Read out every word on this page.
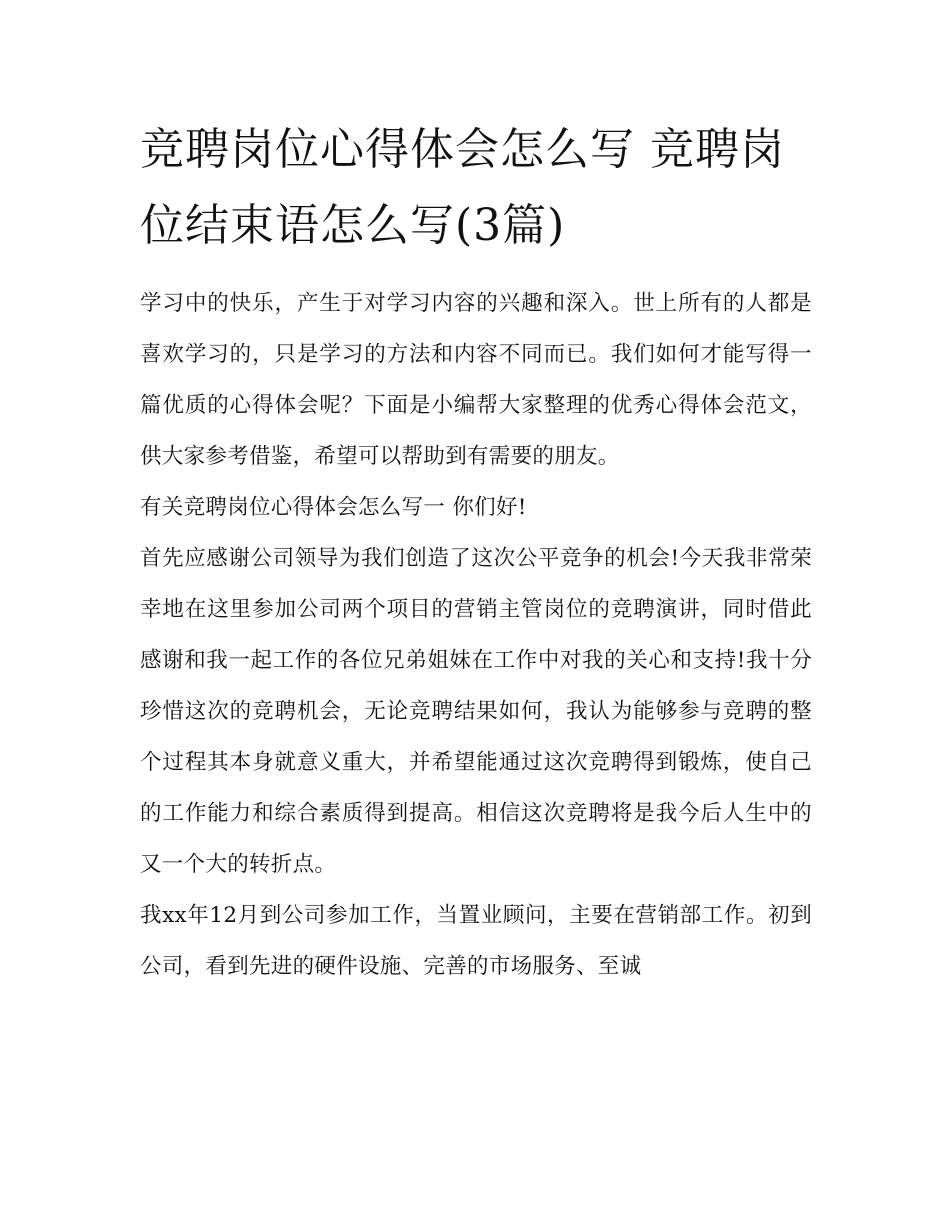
竞聘岗位心得体会怎么写 竞聘岗位结束语怎么写(3篇)

学习中的快乐，产生于对学习内容的兴趣和深入。世上所有的人都是喜欢学习的，只是学习的方法和内容不同而已。我们如何才能写得一篇优质的心得体会呢？下面是小编帮大家整理的优秀心得体会范文，供大家参考借鉴，希望可以帮助到有需要的朋友。

有关竞聘岗位心得体会怎么写一 你们好!

首先应感谢公司领导为我们创造了这次公平竞争的机会!今天我非常荣幸地在这里参加公司两个项目的营销主管岗位的竞聘演讲，同时借此感谢和我一起工作的各位兄弟姐妹在工作中对我的关心和支持!我十分珍惜这次的竞聘机会，无论竞聘结果如何，我认为能够参与竞聘的整个过程其本身就意义重大，并希望能通过这次竞聘得到锻炼，使自己的工作能力和综合素质得到提高。相信这次竞聘将是我今后人生中的又一个大的转折点。

我xx年12月到公司参加工作，当置业顾问，主要在营销部工作。初到公司，看到先进的硬件设施、完善的市场服务、至诚
